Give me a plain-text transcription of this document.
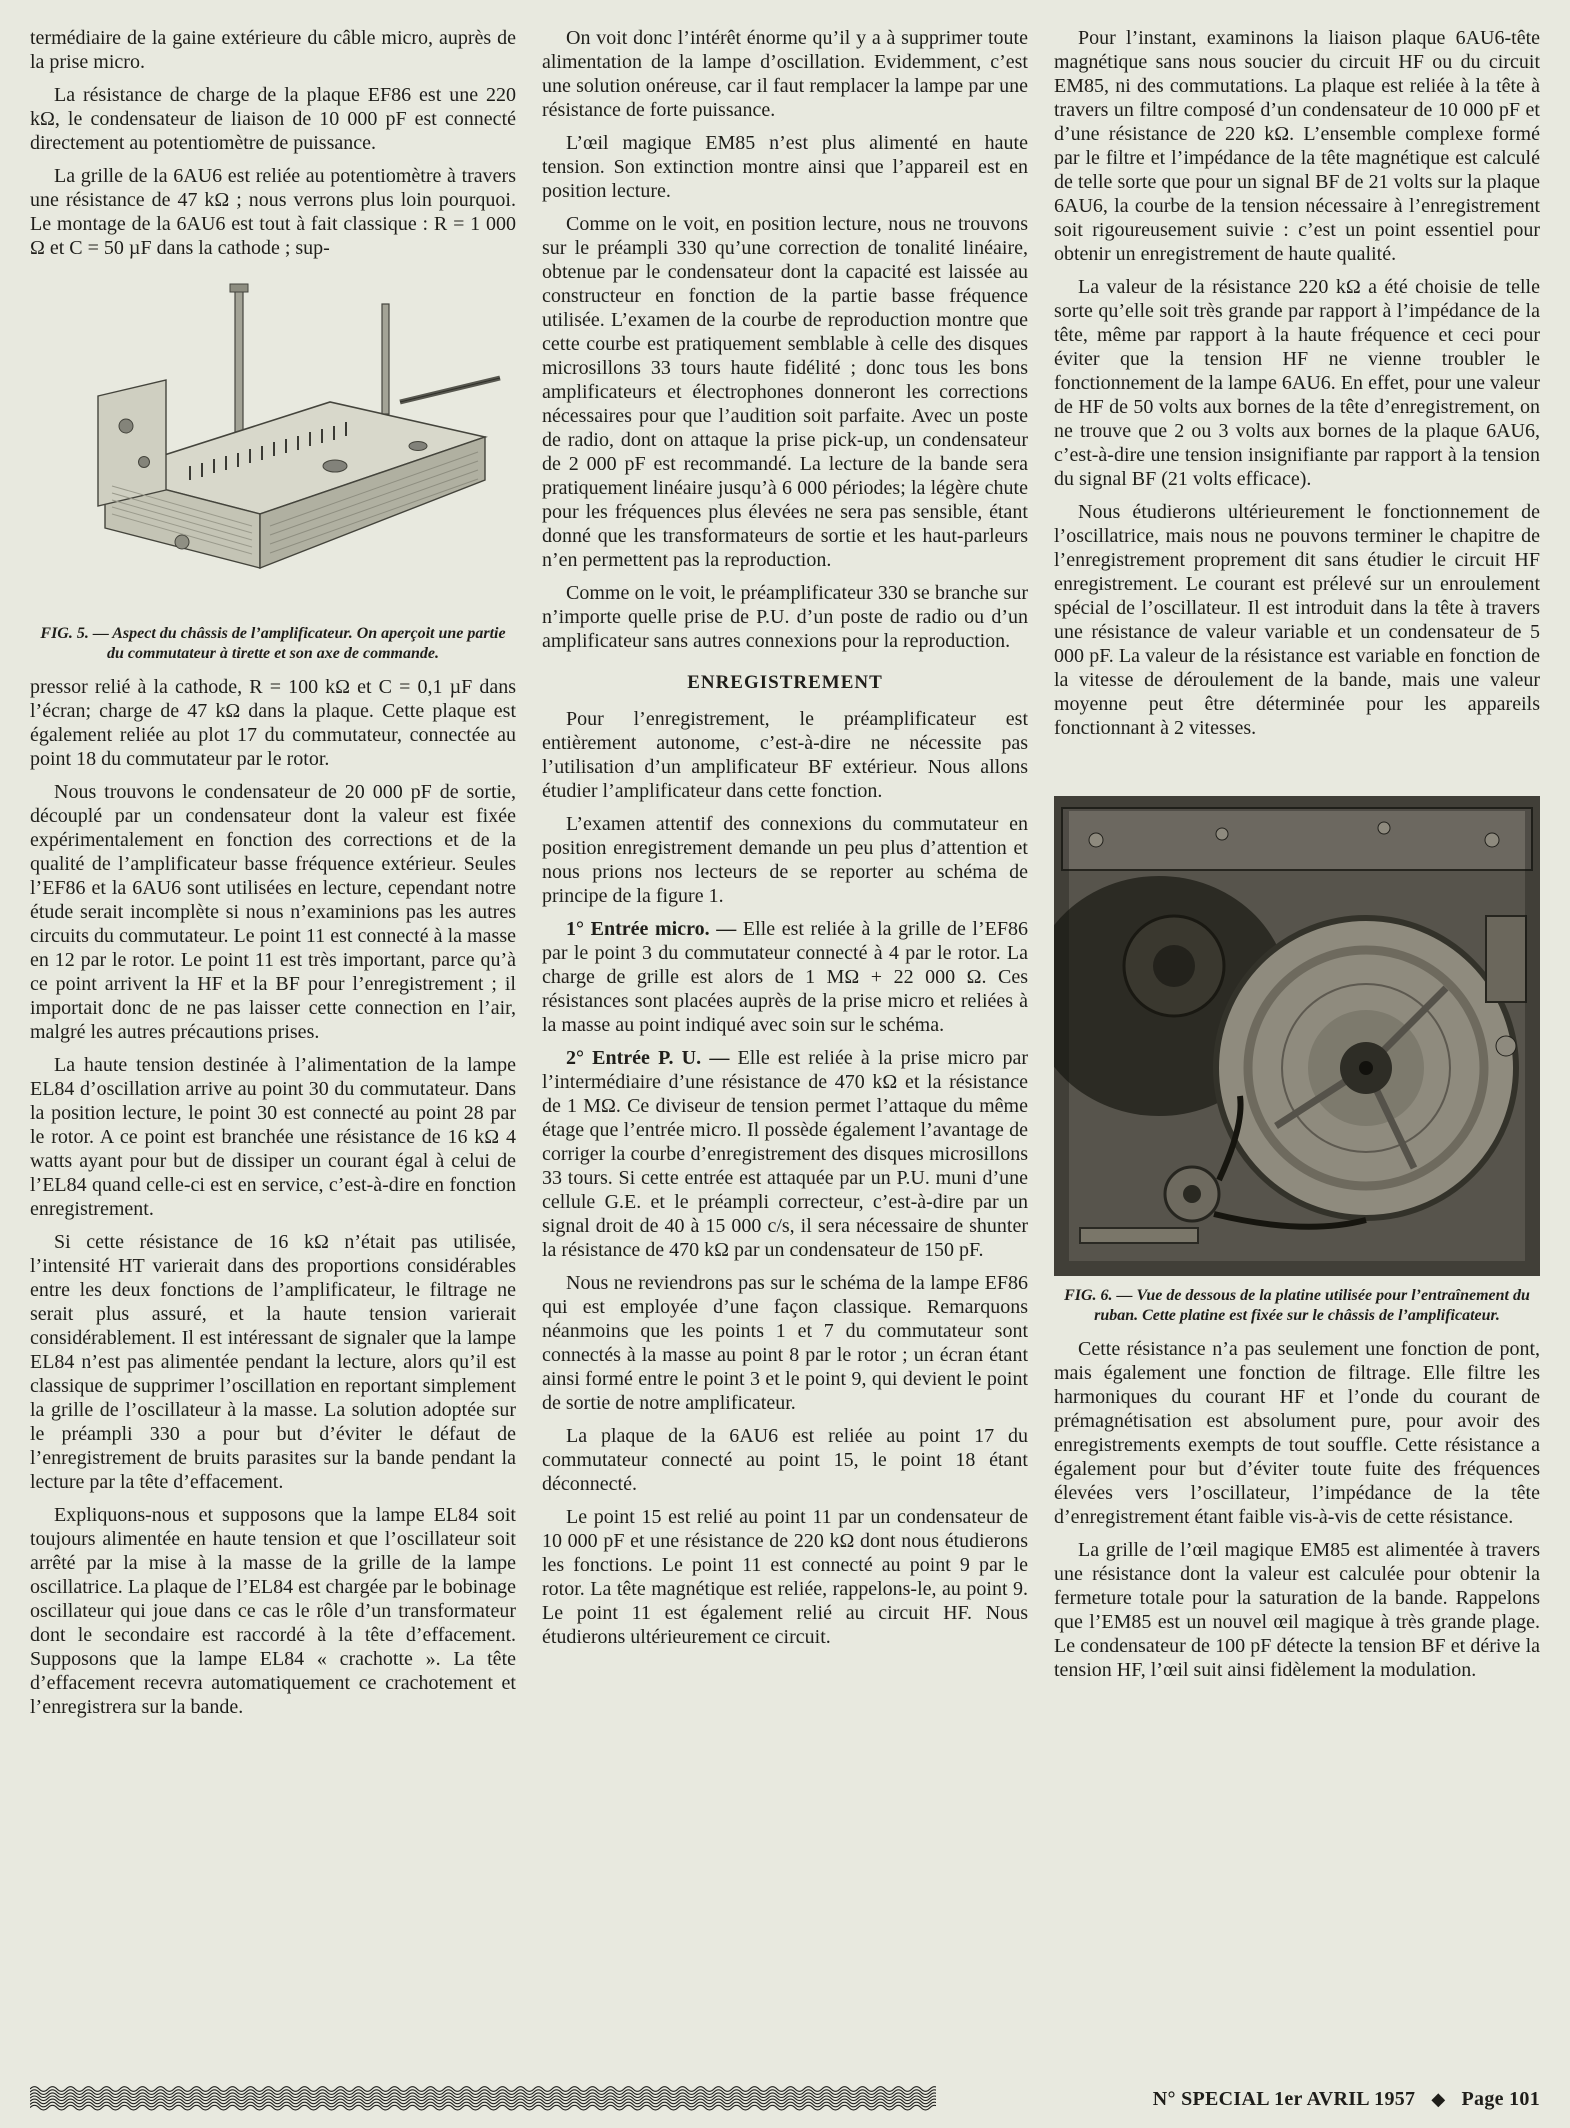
termédiaire de la gaine extérieure du câble micro, auprès de la prise micro.

La résistance de charge de la plaque EF86 est une 220 kΩ, le condensateur de liaison de 10 000 pF est connecté directement au potentiomètre de puissance.

La grille de la 6AU6 est reliée au potentiomètre à travers une résistance de 47 kΩ ; nous verrons plus loin pourquoi. Le montage de la 6AU6 est tout à fait classique : R = 1 000 Ω et C = 50 µF dans la cathode ; sup-

FIG. 5. — Aspect du châssis de l’amplificateur. On aperçoit une partie du commutateur à tirette et son axe de commande.

pressor relié à la cathode, R = 100 kΩ et C = 0,1 µF dans l’écran; charge de 47 kΩ dans la plaque. Cette plaque est également reliée au plot 17 du commutateur, connectée au point 18 du commutateur par le rotor.

Nous trouvons le condensateur de 20 000 pF de sortie, découplé par un condensateur dont la valeur est fixée expérimentalement en fonction des corrections et de la qualité de l’amplificateur basse fréquence extérieur. Seules l’EF86 et la 6AU6 sont utilisées en lecture, cependant notre étude serait incomplète si nous n’examinions pas les autres circuits du commutateur. Le point 11 est connecté à la masse en 12 par le rotor. Le point 11 est très important, parce qu’à ce point arrivent la HF et la BF pour l’enregistrement ; il importait donc de ne pas laisser cette connection en l’air, malgré les autres précautions prises.

La haute tension destinée à l’alimentation de la lampe EL84 d’oscillation arrive au point 30 du commutateur. Dans la position lecture, le point 30 est connecté au point 28 par le rotor. A ce point est branchée une résistance de 16 kΩ 4 watts ayant pour but de dissiper un courant égal à celui de l’EL84 quand celle-ci est en service, c’est-à-dire en fonction enregistrement.

Si cette résistance de 16 kΩ n’était pas utilisée, l’intensité HT varierait dans des proportions considérables entre les deux fonctions de l’amplificateur, le filtrage ne serait plus assuré, et la haute tension varierait considérablement. Il est intéressant de signaler que la lampe EL84 n’est pas alimentée pendant la lecture, alors qu’il est classique de supprimer l’oscillation en reportant simplement la grille de l’oscillateur à la masse. La solution adoptée sur le préampli 330 a pour but d’éviter le défaut de l’enregistrement de bruits parasites sur la bande pendant la lecture par la tête d’effacement.

Expliquons-nous et supposons que la lampe EL84 soit toujours alimentée en haute tension et que l’oscillateur soit arrêté par la mise à la masse de la grille de la lampe oscillatrice. La plaque de l’EL84 est chargée par le bobinage oscillateur qui joue dans ce cas le rôle d’un transformateur dont le secondaire est raccordé à la tête d’effacement. Supposons que la lampe EL84 « crachotte ». La tête d’effacement recevra automatiquement ce crachotement et l’enregistrera sur la bande.

On voit donc l’intérêt énorme qu’il y a à supprimer toute alimentation de la lampe d’oscillation. Evidemment, c’est une solution onéreuse, car il faut remplacer la lampe par une résistance de forte puissance.

L’œil magique EM85 n’est plus alimenté en haute tension. Son extinction montre ainsi que l’appareil est en position lecture.

Comme on le voit, en position lecture, nous ne trouvons sur le préampli 330 qu’une correction de tonalité linéaire, obtenue par le condensateur dont la capacité est laissée au constructeur en fonction de la partie basse fréquence utilisée. L’examen de la courbe de reproduction montre que cette courbe est pratiquement semblable à celle des disques microsillons 33 tours haute fidélité ; donc tous les bons amplificateurs et électrophones donneront les corrections nécessaires pour que l’audition soit parfaite. Avec un poste de radio, dont on attaque la prise pick-up, un condensateur de 2 000 pF est recommandé. La lecture de la bande sera pratiquement linéaire jusqu’à 6 000 périodes; la légère chute pour les fréquences plus élevées ne sera pas sensible, étant donné que les transformateurs de sortie et les haut-parleurs n’en permettent pas la reproduction.

Comme on le voit, le préamplificateur 330 se branche sur n’importe quelle prise de P.U. d’un poste de radio ou d’un amplificateur sans autres connexions pour la reproduction.

ENREGISTREMENT

Pour l’enregistrement, le préamplificateur est entièrement autonome, c’est-à-dire ne nécessite pas l’utilisation d’un amplificateur BF extérieur. Nous allons étudier l’amplificateur dans cette fonction.

L’examen attentif des connexions du commutateur en position enregistrement demande un peu plus d’attention et nous prions nos lecteurs de se reporter au schéma de principe de la figure 1.

1° Entrée micro. — Elle est reliée à la grille de l’EF86 par le point 3 du commutateur connecté à 4 par le rotor. La charge de grille est alors de 1 MΩ + 22 000 Ω. Ces résistances sont placées auprès de la prise micro et reliées à la masse au point indiqué avec soin sur le schéma.

2° Entrée P. U. — Elle est reliée à la prise micro par l’intermédiaire d’une résistance de 470 kΩ et la résistance de 1 MΩ. Ce diviseur de tension permet l’attaque du même étage que l’entrée micro. Il possède également l’avantage de corriger la courbe d’enregistrement des disques microsillons 33 tours. Si cette entrée est attaquée par un P.U. muni d’une cellule G.E. et le préampli correcteur, c’est-à-dire par un signal droit de 40 à 15 000 c/s, il sera nécessaire de shunter la résistance de 470 kΩ par un condensateur de 150 pF.

Nous ne reviendrons pas sur le schéma de la lampe EF86 qui est employée d’une façon classique. Remarquons néanmoins que les points 1 et 7 du commutateur sont connectés à la masse au point 8 par le rotor ; un écran étant ainsi formé entre le point 3 et le point 9, qui devient le point de sortie de notre amplificateur.

La plaque de la 6AU6 est reliée au point 17 du commutateur connecté au point 15, le point 18 étant déconnecté.

Le point 15 est relié au point 11 par un condensateur de 10 000 pF et une résistance de 220 kΩ dont nous étudierons les fonctions. Le point 11 est connecté au point 9 par le rotor. La tête magnétique est reliée, rappelons-le, au point 9. Le point 11 est également relié au circuit HF. Nous étudierons ultérieurement ce circuit.

Pour l’instant, examinons la liaison plaque 6AU6-tête magnétique sans nous soucier du circuit HF ou du circuit EM85, ni des commutations. La plaque est reliée à la tête à travers un filtre composé d’un condensateur de 10 000 pF et d’une résistance de 220 kΩ. L’ensemble complexe formé par le filtre et l’impédance de la tête magnétique est calculé de telle sorte que pour un signal BF de 21 volts sur la plaque 6AU6, la courbe de la tension nécessaire à l’enregistrement soit rigoureusement suivie : c’est un point essentiel pour obtenir un enregistrement de haute qualité.

La valeur de la résistance 220 kΩ a été choisie de telle sorte qu’elle soit très grande par rapport à l’impédance de la tête, même par rapport à la haute fréquence et ceci pour éviter que la tension HF ne vienne troubler le fonctionnement de la lampe 6AU6. En effet, pour une valeur de HF de 50 volts aux bornes de la tête d’enregistrement, on ne trouve que 2 ou 3 volts aux bornes de la plaque 6AU6, c’est-à-dire une tension insignifiante par rapport à la tension du signal BF (21 volts efficace).

Nous étudierons ultérieurement le fonctionnement de l’oscillatrice, mais nous ne pouvons terminer le chapitre de l’enregistrement proprement dit sans étudier le circuit HF enregistrement. Le courant est prélevé sur un enroulement spécial de l’oscillateur. Il est introduit dans la tête à travers une résistance de valeur variable et un condensateur de 5 000 pF. La valeur de la résistance est variable en fonction de la vitesse de déroulement de la bande, mais une valeur moyenne peut être déterminée pour les appareils fonctionnant à 2 vitesses.

FIG. 6. — Vue de dessous de la platine utilisée pour l’entraînement du ruban. Cette platine est fixée sur le châssis de l’amplificateur.

Cette résistance n’a pas seulement une fonction de pont, mais également une fonction de filtrage. Elle filtre les harmoniques du courant HF et l’onde du courant de prémagnétisation est absolument pure, pour avoir des enregistrements exempts de tout souffle. Cette résistance a également pour but d’éviter toute fuite des fréquences élevées vers l’oscillateur, l’impédance de la tête d’enregistrement étant faible vis-à-vis de cette résistance.

La grille de l’œil magique EM85 est alimentée à travers une résistance dont la valeur est calculée pour obtenir la fermeture totale pour la saturation de la bande. Rappelons que l’EM85 est un nouvel œil magique à très grande plage. Le condensateur de 100 pF détecte la tension BF et dérive la tension HF, l’œil suit ainsi fidèlement la modulation.

N° SPECIAL 1er AVRIL 1957 ◆ Page 101
